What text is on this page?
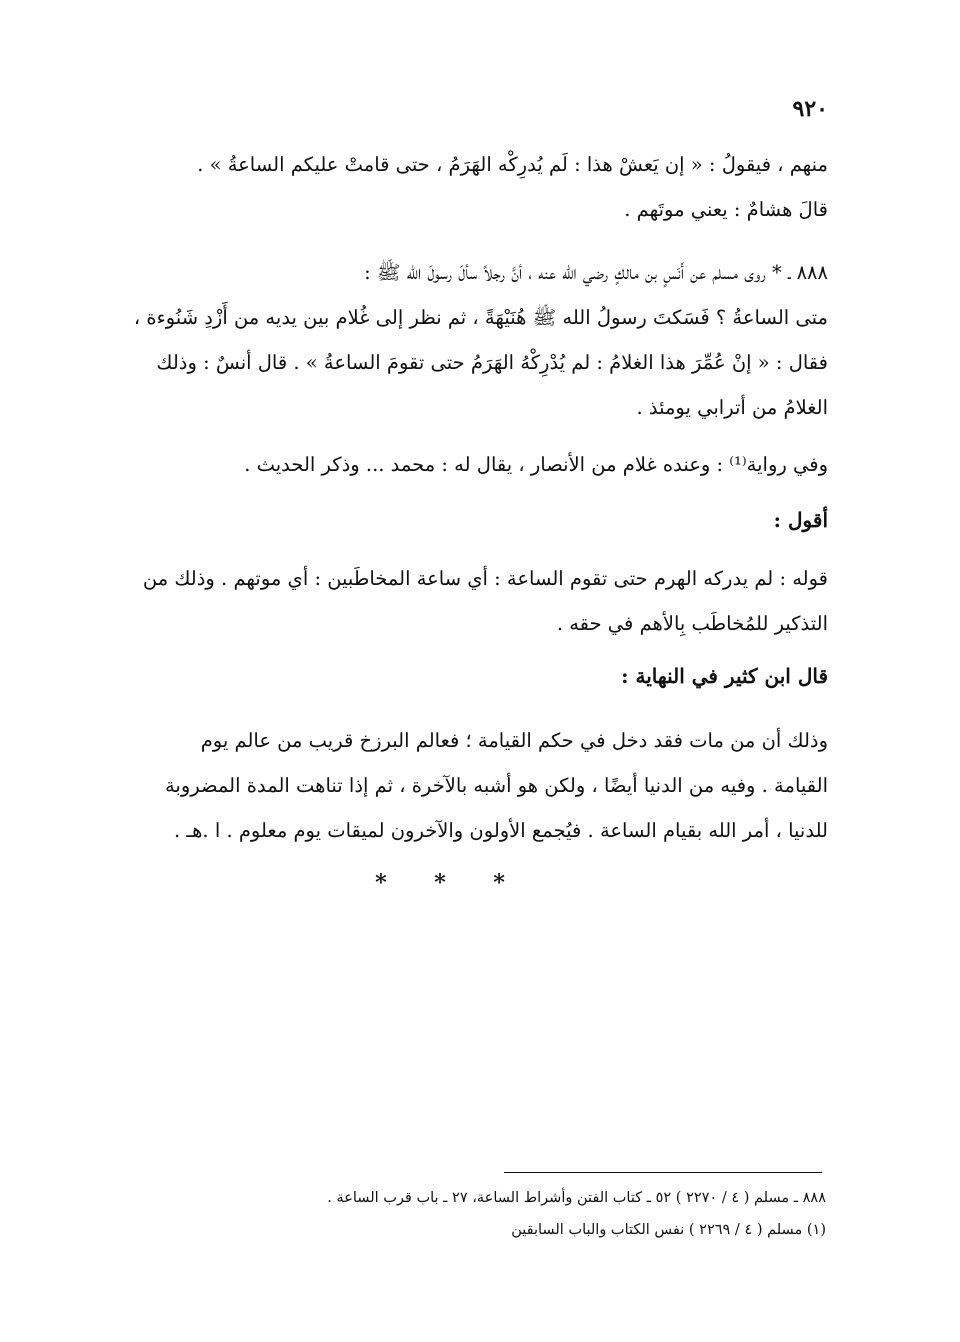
٩٢٠
منهم ، فيقولُ : « إن يَعشْ هذا : لَم يُدرِكْه الهَرَمُ ، حتى قامتْ عليكم الساعةُ » .
قالَ هشامٌ : يعني موتَهم .
٨٨٨ ـ * روى مسلم عن أَنَسٍ بن مالكٍ رضي الله عنه ، أنَّ رجلاً سألَ رسولَ الله ﷺ :
متى الساعةُ ؟ فَسَكتَ رسولُ الله ﷺ هُنَيْهَةً ، ثم نظر إلى غُلام بين يديه من أَزْدِ شَنُوءة ،
فقال : « إنْ عُمِّرَ هذا الغلامُ : لم يُدْرِكْهُ الهَرَمُ حتى تقومَ الساعةُ » . قال أنسٌ : وذلك
الغلامُ من أترابي يومئذ .
وفي رواية⁽¹⁾ : وعنده غلام من الأنصار ، يقال له : محمد ... وذكر الحديث .
أقول :
قوله : لم يدركه الهرم حتى تقوم الساعة : أي ساعة المخاطَبين : أي موتهم . وذلك من
التذكير للمُخاطَب بِالأهم في حقه .
قال ابن كثير في النهاية :
وذلك أن من مات فقد دخل في حكم القيامة ؛ فعالم البرزخ قريب من عالم يوم
القيامة . وفيه من الدنيا أيضًا ، ولكن هو أشبه بالآخرة ، ثم إذا تناهت المدة المضروبة
للدنيا ، أمر الله بقيام الساعة . فيُجمع الأولون والآخرون لميقات يوم معلوم . ا .هـ .
* * *
٨٨٨ ـ مسلم ( ٤ / ٢٢٧٠ ) ٥٢ ـ كتاب الفتن وأشراط الساعة، ٢٧ ـ باب قرب الساعة .
(١) مسلم ( ٤ / ٢٢٦٩ ) نفس الكتاب والباب السابقين
